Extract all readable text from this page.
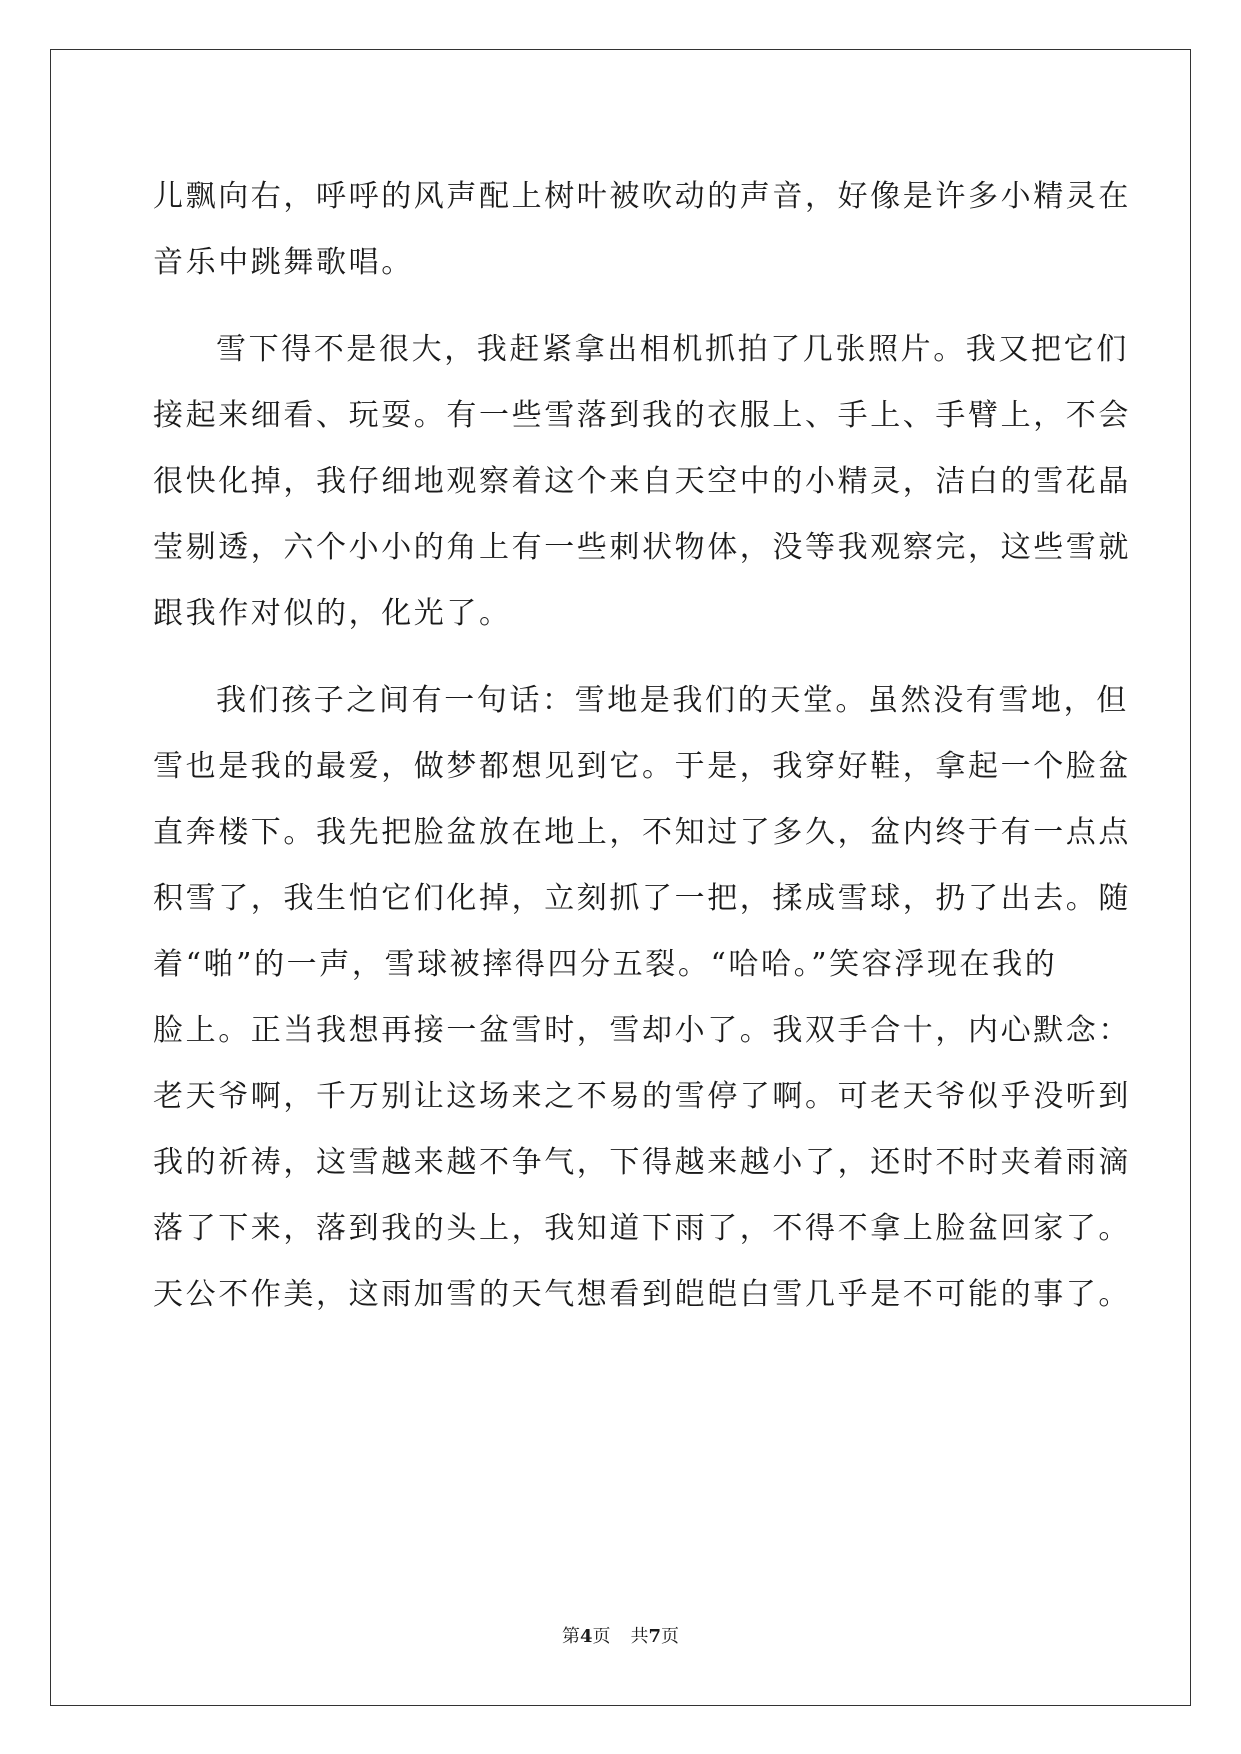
儿飘向右，呼呼的风声配上树叶被吹动的声音，好像是许多小精灵在
音乐中跳舞歌唱。
雪下得不是很大，我赶紧拿出相机抓拍了几张照片。我又把它们
接起来细看、玩耍。有一些雪落到我的衣服上、手上、手臂上，不会
很快化掉，我仔细地观察着这个来自天空中的小精灵，洁白的雪花晶
莹剔透，六个小小的角上有一些刺状物体，没等我观察完，这些雪就
跟我作对似的，化光了。
我们孩子之间有一句话：雪地是我们的天堂。虽然没有雪地，但
雪也是我的最爱，做梦都想见到它。于是，我穿好鞋，拿起一个脸盆
直奔楼下。我先把脸盆放在地上，不知过了多久，盆内终于有一点点
积雪了，我生怕它们化掉，立刻抓了一把，揉成雪球，扔了出去。随
着“啪”的一声，雪球被摔得四分五裂。“哈哈。”笑容浮现在我的
脸上。正当我想再接一盆雪时，雪却小了。我双手合十，内心默念：
老天爷啊，千万别让这场来之不易的雪停了啊。可老天爷似乎没听到
我的祈祷，这雪越来越不争气，下得越来越小了，还时不时夹着雨滴
落了下来，落到我的头上，我知道下雨了，不得不拿上脸盆回家了。
天公不作美，这雨加雪的天气想看到皑皑白雪几乎是不可能的事了。
第4页 共7页
